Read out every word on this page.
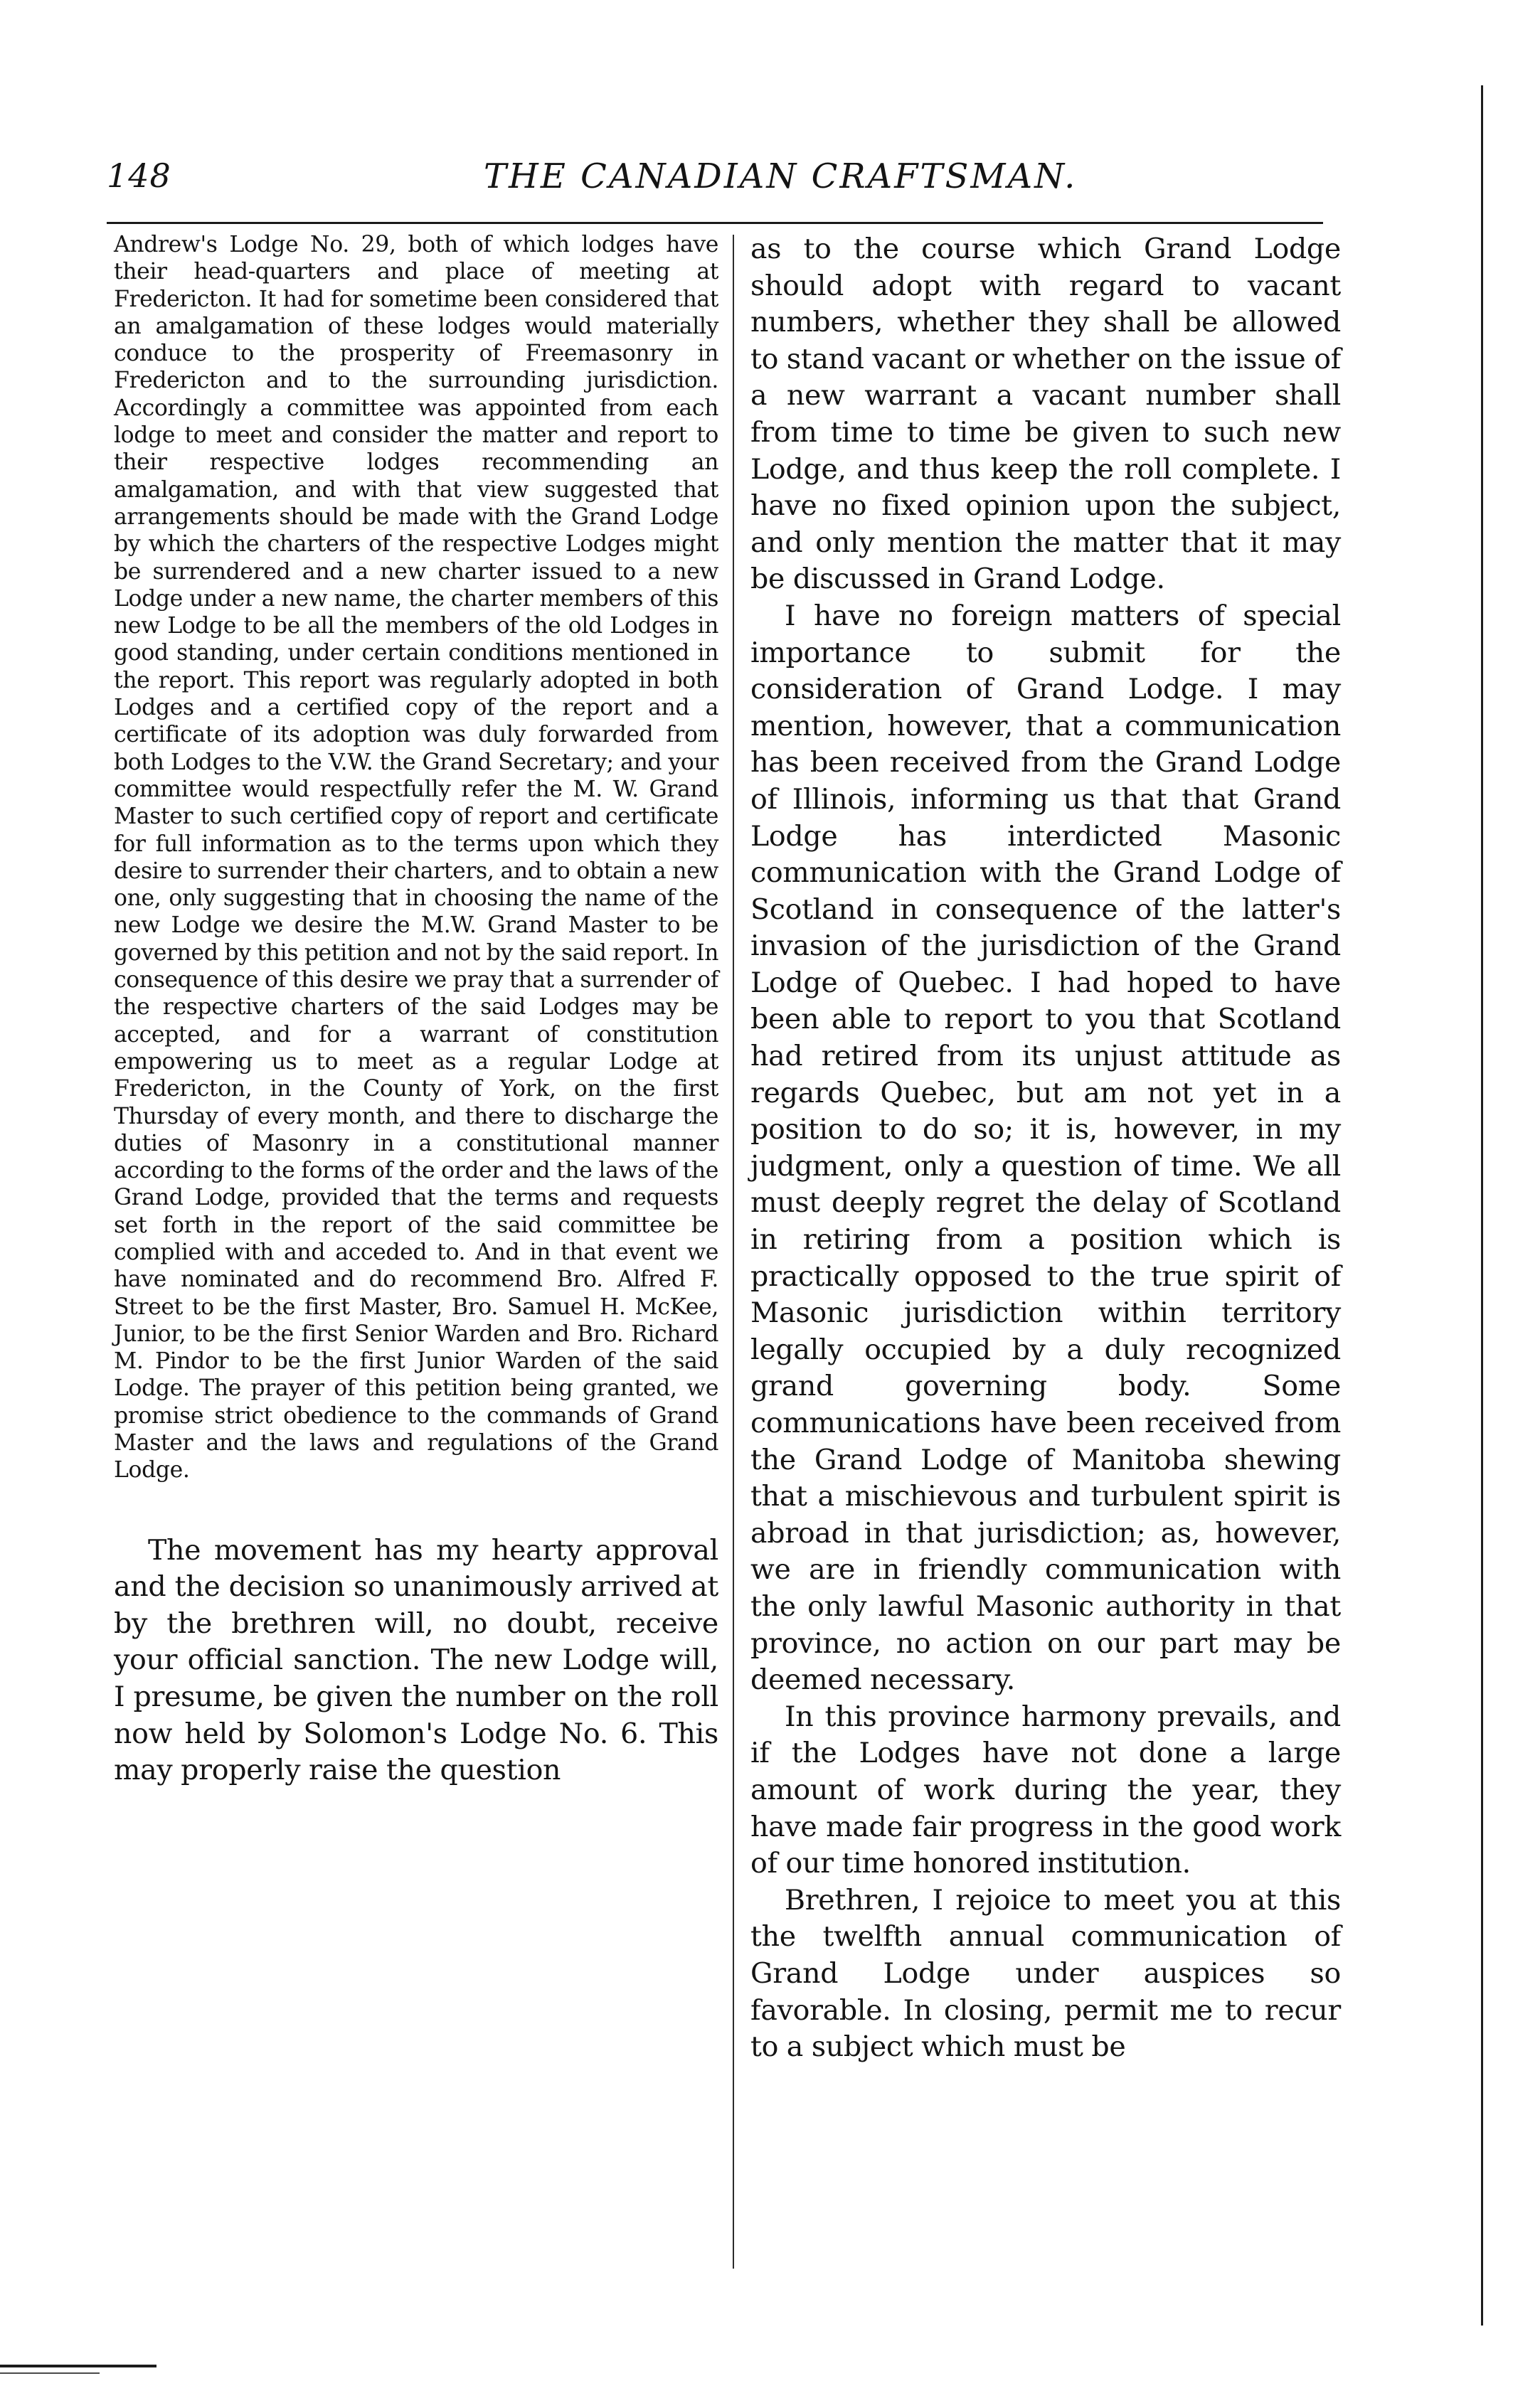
148	THE CANADIAN CRAFTSMAN.

Andrew's Lodge No. 29, both of which lodges have their head-quarters and place of meeting at Fredericton. It had for sometime been considered that an amalgamation of these lodges would materially conduce to the prosperity of Freemasonry in Fredericton and to the surrounding jurisdiction. Accordingly a committee was appointed from each lodge to meet and consider the matter and report to their respective lodges recommending an amalgamation, and with that view suggested that arrangements should be made with the Grand Lodge by which the charters of the respective Lodges might be surrendered and a new charter issued to a new Lodge under a new name, the charter members of this new Lodge to be all the members of the old Lodges in good standing, under certain conditions mentioned in the report. This report was regularly adopted in both Lodges and a certified copy of the report and a certificate of its adoption was duly forwarded from both Lodges to the V.W. the Grand Secretary; and your committee would respectfully refer the M. W. Grand Master to such certified copy of report and certificate for full information as to the terms upon which they desire to surrender their charters, and to obtain a new one, only suggesting that in choosing the name of the new Lodge we desire the M.W. Grand Master to be governed by this petition and not by the said report. In consequence of this desire we pray that a surrender of the respective charters of the said Lodges may be accepted, and for a warrant of constitution empowering us to meet as a regular Lodge at Fredericton, in the County of York, on the first Thursday of every month, and there to discharge the duties of Masonry in a constitutional manner according to the forms of the order and the laws of the Grand Lodge, provided that the terms and requests set forth in the report of the said committee be complied with and acceded to. And in that event we have nominated and do recommend Bro. Alfred F. Street to be the first Master, Bro. Samuel H. McKee, Junior, to be the first Senior Warden and Bro. Richard M. Pindor to be the first Junior Warden of the said Lodge. The prayer of this petition being granted, we promise strict obedience to the commands of Grand Master and the laws and regulations of the Grand Lodge.

The movement has my hearty approval and the decision so unanimously arrived at by the brethren will, no doubt, receive your official sanction. The new Lodge will, I presume, be given the number on the roll now held by Solomon's Lodge No. 6. This may properly raise the question

as to the course which Grand Lodge should adopt with regard to vacant numbers, whether they shall be allowed to stand vacant or whether on the issue of a new warrant a vacant number shall from time to time be given to such new Lodge, and thus keep the roll complete. I have no fixed opinion upon the subject, and only mention the matter that it may be discussed in Grand Lodge.

I have no foreign matters of special importance to submit for the consideration of Grand Lodge. I may mention, however, that a communication has been received from the Grand Lodge of Illinois, informing us that that Grand Lodge has interdicted Masonic communication with the Grand Lodge of Scotland in consequence of the latter's invasion of the jurisdiction of the Grand Lodge of Quebec. I had hoped to have been able to report to you that Scotland had retired from its unjust attitude as regards Quebec, but am not yet in a position to do so; it is, however, in my judgment, only a question of time. We all must deeply regret the delay of Scotland in retiring from a position which is practically opposed to the true spirit of Masonic jurisdiction within territory legally occupied by a duly recognized grand governing body. Some communications have been received from the Grand Lodge of Manitoba shewing that a mischievous and turbulent spirit is abroad in that jurisdiction; as, however, we are in friendly communication with the only lawful Masonic authority in that province, no action on our part may be deemed necessary.

In this province harmony prevails, and if the Lodges have not done a large amount of work during the year, they have made fair progress in the good work of our time honored institution.

Brethren, I rejoice to meet you at this the twelfth annual communication of Grand Lodge under auspices so favorable. In closing, permit me to recur to a subject which must be
